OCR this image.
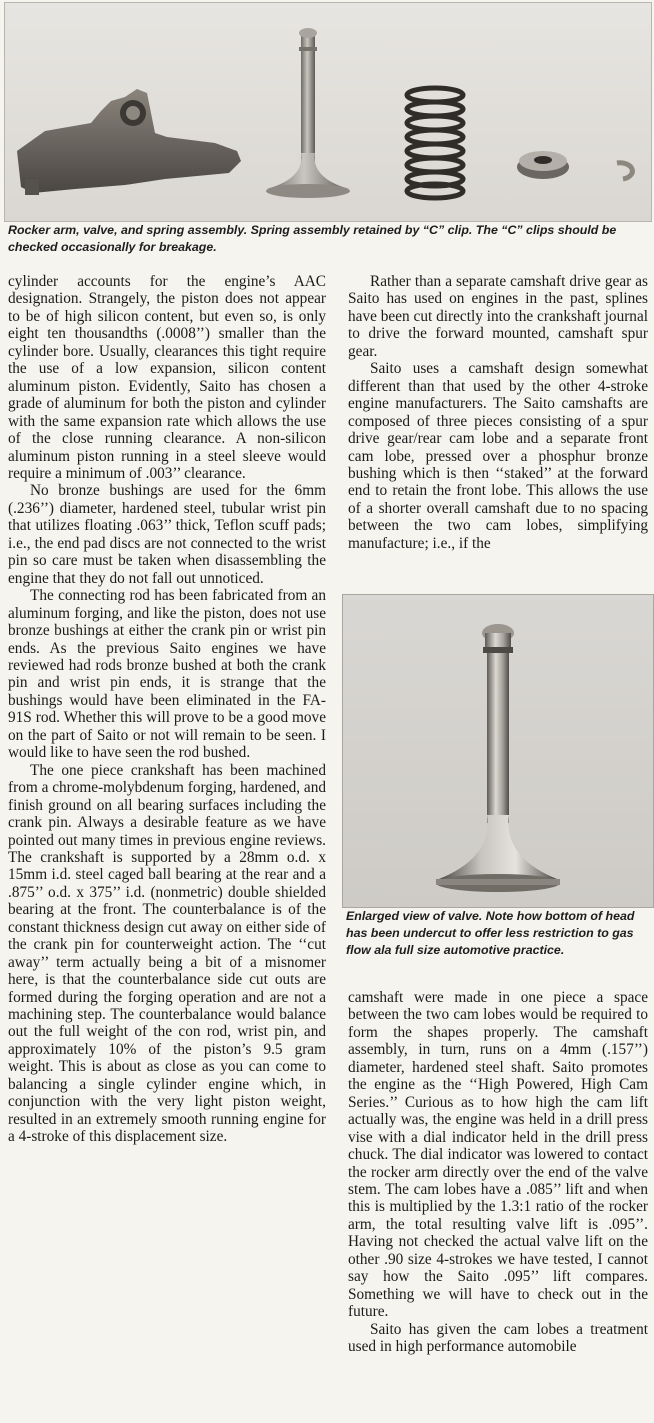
Rocker arm, valve, and spring assembly. Spring assembly retained by “C” clip. The “C” clips should be checked occasionally for breakage.

cylinder accounts for the engine’s AAC designation. Strangely, the piston does not appear to be of high silicon content, but even so, is only eight ten thousandths (.0008’’) smaller than the cylinder bore. Usually, clearances this tight require the use of a low expansion, silicon content aluminum piston. Evidently, Saito has chosen a grade of aluminum for both the piston and cylinder with the same expansion rate which allows the use of the close running clearance. A non-silicon aluminum piston running in a steel sleeve would require a minimum of .003’’ clearance.

No bronze bushings are used for the 6mm (.236’’) diameter, hardened steel, tubular wrist pin that utilizes floating .063’’ thick, Teflon scuff pads; i.e., the end pad discs are not connected to the wrist pin so care must be taken when disassembling the engine that they do not fall out unnoticed.

The connecting rod has been fabricated from an aluminum forging, and like the piston, does not use bronze bushings at either the crank pin or wrist pin ends. As the previous Saito engines we have reviewed had rods bronze bushed at both the crank pin and wrist pin ends, it is strange that the bushings would have been eliminated in the FA-91S rod. Whether this will prove to be a good move on the part of Saito or not will remain to be seen. I would like to have seen the rod bushed.

The one piece crankshaft has been machined from a chrome-molybdenum forging, hardened, and finish ground on all bearing surfaces including the crank pin. Always a desirable feature as we have pointed out many times in previous engine reviews. The crankshaft is supported by a 28mm o.d. x 15mm i.d. steel caged ball bearing at the rear and a .875’’ o.d. x 375’’ i.d. (nonmetric) double shielded bearing at the front. The counterbalance is of the constant thickness design cut away on either side of the crank pin for counterweight action. The ‘‘cut away’’ term actually being a bit of a misnomer here, is that the counterbalance side cut outs are formed during the forging operation and are not a machining step. The counterbalance would balance out the full weight of the con rod, wrist pin, and approximately 10% of the piston’s 9.5 gram weight. This is about as close as you can come to balancing a single cylinder engine which, in conjunction with the very light piston weight, resulted in an extremely smooth running engine for a 4-stroke of this displacement size.

Rather than a separate camshaft drive gear as Saito has used on engines in the past, splines have been cut directly into the crankshaft journal to drive the forward mounted, camshaft spur gear.

Saito uses a camshaft design somewhat different than that used by the other 4-stroke engine manufacturers. The Saito camshafts are composed of three pieces consisting of a spur drive gear/rear cam lobe and a separate front cam lobe, pressed over a phosphur bronze bushing which is then ‘‘staked’’ at the forward end to retain the front lobe. This allows the use of a shorter overall camshaft due to no spacing between the two cam lobes, simplifying manufacture; i.e., if the

Enlarged view of valve. Note how bottom of head has been undercut to offer less restriction to gas flow ala full size automotive practice.

camshaft were made in one piece a space between the two cam lobes would be required to form the shapes properly. The camshaft assembly, in turn, runs on a 4mm (.157’’) diameter, hardened steel shaft. Saito promotes the engine as the ‘‘High Powered, High Cam Series.’’ Curious as to how high the cam lift actually was, the engine was held in a drill press vise with a dial indicator held in the drill press chuck. The dial indicator was lowered to contact the rocker arm directly over the end of the valve stem. The cam lobes have a .085’’ lift and when this is multiplied by the 1.3:1 ratio of the rocker arm, the total resulting valve lift is .095’’. Having not checked the actual valve lift on the other .90 size 4-strokes we have tested, I cannot say how the Saito .095’’ lift compares. Something we will have to check out in the future.

Saito has given the cam lobes a treatment used in high performance automobile
